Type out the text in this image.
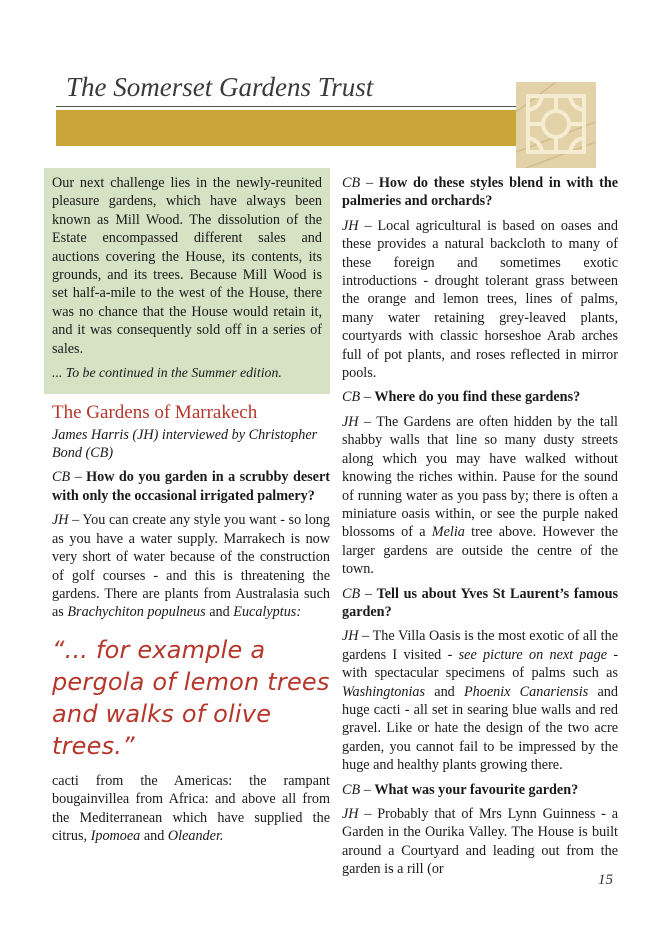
The Somerset Gardens Trust

Our next challenge lies in the newly-reunited pleasure gardens, which have always been known as Mill Wood. The dissolution of the Estate encompassed different sales and auctions covering the House, its contents, its grounds, and its trees. Because Mill Wood is set half-a-mile to the west of the House, there was no chance that the House would retain it, and it was consequently sold off in a series of sales.

... To be continued in the Summer edition.

The Gardens of Marrakech
James Harris (JH) interviewed by Christopher Bond (CB)

CB – How do you garden in a scrubby desert with only the occasional irrigated palmery?

JH – You can create any style you want - so long as you have a water supply. Marrakech is now very short of water because of the construction of golf courses - and this is threatening the gardens. There are plants from Australasia such as Brachychiton populneus and Eucalyptus:

“... for example a pergola of lemon trees and walks of olive trees.”

cacti from the Americas: the rampant bougainvillea from Africa: and above all from the Mediterranean which have supplied the citrus, Ipomoea and Oleander.

CB – How do these styles blend in with the palmeries and orchards?

JH – Local agricultural is based on oases and these provides a natural backcloth to many of these foreign and sometimes exotic introductions - drought tolerant grass between the orange and lemon trees, lines of palms, many water retaining grey-leaved plants, courtyards with classic horseshoe Arab arches full of pot plants, and roses reflected in mirror pools.

CB – Where do you find these gardens?

JH – The Gardens are often hidden by the tall shabby walls that line so many dusty streets along which you may have walked without knowing the riches within. Pause for the sound of running water as you pass by; there is often a miniature oasis within, or see the purple naked blossoms of a Melia tree above. However the larger gardens are outside the centre of the town.

CB – Tell us about Yves St Laurent’s famous garden?

JH – The Villa Oasis is the most exotic of all the gardens I visited - see picture on next page - with spectacular specimens of palms such as Washingtonias and Phoenix Canariensis and huge cacti - all set in searing blue walls and red gravel. Like or hate the design of the two acre garden, you cannot fail to be impressed by the huge and healthy plants growing there.

CB – What was your favourite garden?

JH – Probably that of Mrs Lynn Guinness - a Garden in the Ourika Valley. The House is built around a Courtyard and leading out from the garden is a rill (or

15
